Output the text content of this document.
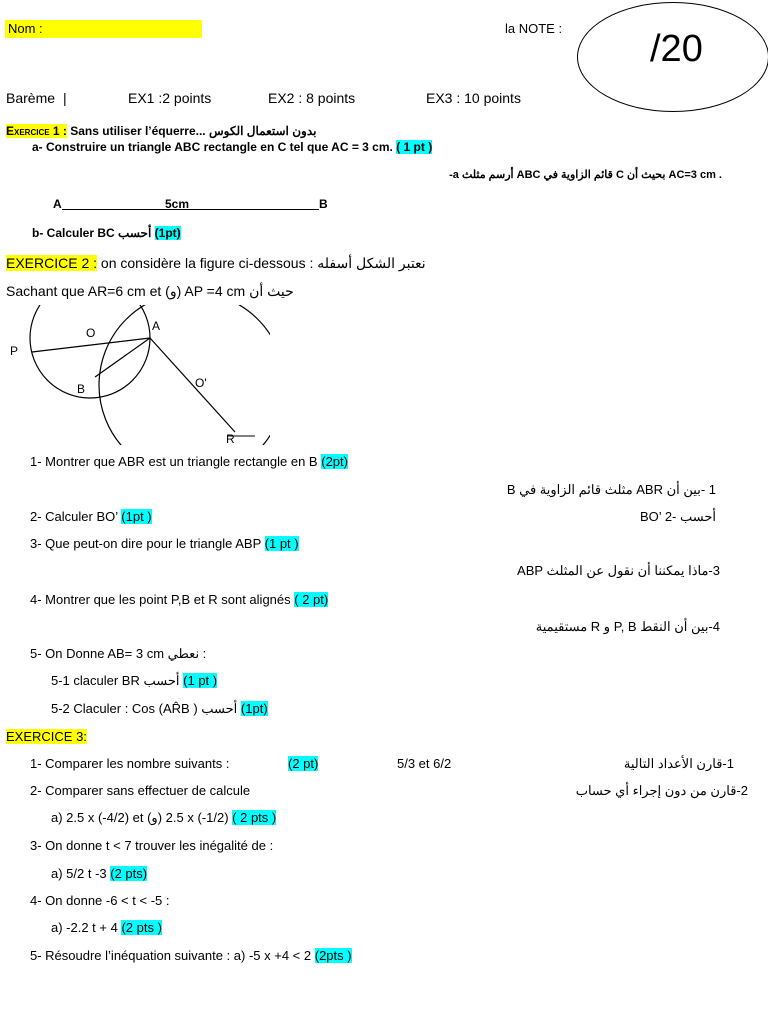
Nom :	la NOTE : /20
Barème |	EX1 :2 points	EX2 : 8 points	EX3 : 10 points
Exercice 1 : Sans utiliser l’équerre... بدون استعمال الكوس
a- Construire un triangle ABC rectangle en C tel que AC = 3 cm. ( 1 pt )
-a أرسم مثلث ABC قائم الزاوية في C بحيث أن AC=3 cm .
A	5cm	B
b- Calculer BC أحسب (1pt)
EXERCICE 2 : on considère la figure ci-dessous : نعتبر الشكل أسفله
Sachant que AR=6 cm et (و) AP =4 cm حيث أن
O	A
P
B	O'
R
1- Montrer que ABR est un triangle rectangle en B (2pt)
1 -بين أن ABR مثلث قائم الزاوية في B
2- Calculer BO’ (1pt )	BO’ أحسب -2
3- Que peut-on dire pour le triangle ABP (1 pt )
3-ماذا يمكننا أن نقول عن المثلث ABP
4- Montrer que les point P,B et R sont alignés ( 2 pt)
4-بين أن النقط P, B و R مستقيمية
5- On Donne AB= 3 cm نعطي :
5-1 claculer BR أحسب (1 pt )
5-2 Claculer : Cos (AR̂B ) أحسب (1pt)
EXERCICE 3:
1- Comparer les nombre suivants :	(2 pt)	5/3 et 6/2	1-قارن الأعداد التالية
2- Comparer sans effectuer de calcule	2-قارن من دون إجراء أي حساب
a) 2.5 x (-4/2) et (و) 2.5 x (-1/2) ( 2 pts )
3- On donne t < 7 trouver les inégalité de :
a) 5/2 t -3 (2 pts)
4- On donne -6 < t < -5 :
a) -2.2 t + 4 (2 pts )
5- Résoudre l’inéquation suivante : a) -5 x +4 < 2 (2pts )
